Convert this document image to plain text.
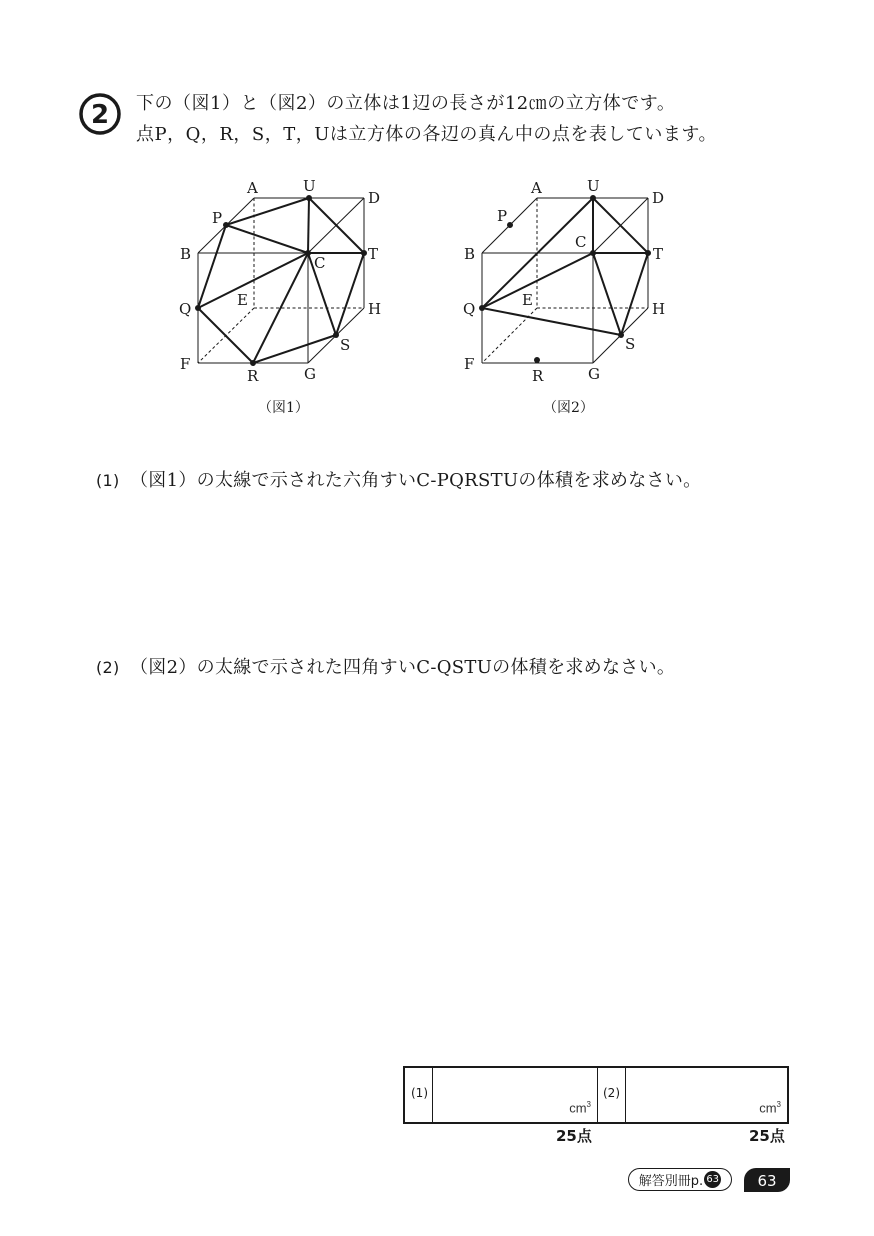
2 下の（図1）と（図2）の立体は1辺の長さが12㎝の立方体です。
点P，Q，R，S，T，Uは立方体の各辺の真ん中の点を表しています。
A	U
D
P
B	C	T
Q	E	H
S
F
R	G
（図1）
A	U
D
P
B
C
T
Q	E	H
S
F
R	G
（図2）
(1) （図1）の太線で示された六角すいC-PQRSTUの体積を求めなさい。
(2) （図2）の太線で示された四角すいC-QSTUの体積を求めなさい。
(1)
$cm^3$
(2)
$cm^3$
25点	25点
解答別冊p. 63	63
